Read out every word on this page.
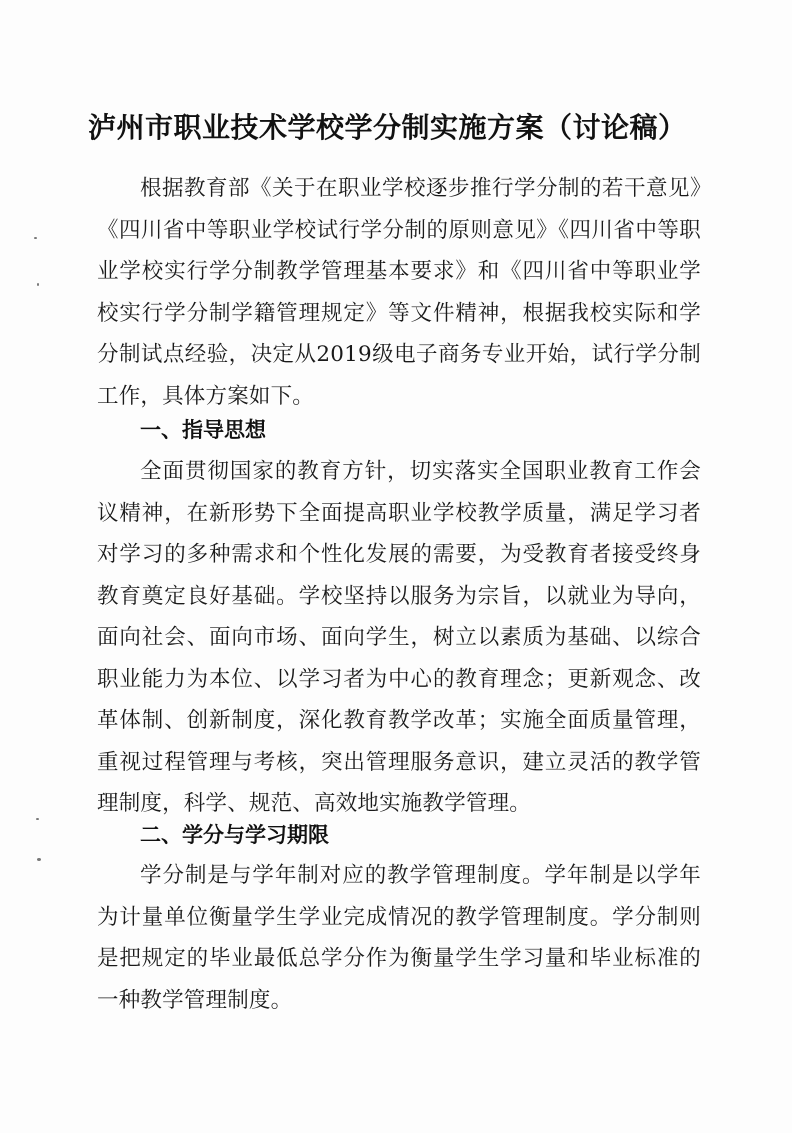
泸州市职业技术学校学分制实施方案（讨论稿）
根据教育部《关于在职业学校逐步推行学分制的若干意见》《四川省中等职业学校试行学分制的原则意见》《四川省中等职业学校实行学分制教学管理基本要求》和《四川省中等职业学校实行学分制学籍管理规定》等文件精神，根据我校实际和学分制试点经验，决定从2019级电子商务专业开始，试行学分制工作，具体方案如下。
一、指导思想
全面贯彻国家的教育方针，切实落实全国职业教育工作会议精神，在新形势下全面提高职业学校教学质量，满足学习者对学习的多种需求和个性化发展的需要，为受教育者接受终身教育奠定良好基础。学校坚持以服务为宗旨，以就业为导向，面向社会、面向市场、面向学生，树立以素质为基础、以综合职业能力为本位、以学习者为中心的教育理念；更新观念、改革体制、创新制度，深化教育教学改革；实施全面质量管理，重视过程管理与考核，突出管理服务意识，建立灵活的教学管理制度，科学、规范、高效地实施教学管理。
二、学分与学习期限
学分制是与学年制对应的教学管理制度。学年制是以学年为计量单位衡量学生学业完成情况的教学管理制度。学分制则是把规定的毕业最低总学分作为衡量学生学习量和毕业标准的一种教学管理制度。
